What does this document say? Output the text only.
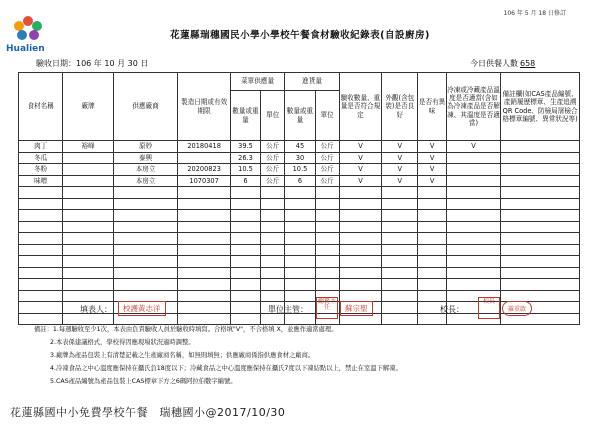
Hualien
106 年 5 月 18 日修訂
花蓮縣瑞穗國民小學小學校午餐食材驗收紀錄表(自設廚房)
驗收日期：106 年 10 月 30 日	今日供餐人數 658
食材名稱	廠牌	供應廠商	製造日期或有效期限	菜單供應量		進貨量		驗收數量、重量是否符合規定	外觀(含包裝)是否良好	是否有異味	冷凍或冷藏產品溫度是否適當(含如為冷凍產品是否解凍、其溫度是否適當)	備註欄(如CAS產品編號、產銷履歷標章、生產追溯QR Code、防檢局屠檢合格標章編號、異常狀況等)
				數量或重量	單位	數量或重量	單位					
肉丁	裕峰	原妙	20180418	39.5	公斤	45	公斤	V	V	V	V	
冬瓜		泰興		26.3	公斤	30	公斤	V	V	V		
冬粉		本房立	20200823	10.5	公斤	10.5	公斤	V	V	V		
味噌		本房立	1070307	6	公斤	6	公斤	V	V	V		

填表人：	校護黃志洋	單位主管：
總務主任	蘇宗聖	校長：
校長
羅重啟
備註：1.每週驗收至少1次，本表由負責驗收人員於驗收時填寫。合格填"V"，不合格填 X，並應作適當處理。
2.本表係建議格式，學校得因應現場狀況適時調整。
3.廠牌為產品包裝上有清楚記載之生產廠商名稱，如無則填無；供應廠商係指供應食材之廠商。
4.冷凍食品之中心溫度應保持在攝氏負18度以下；冷藏食品之中心溫度應保持在攝氏7度以下凍結點以上，禁止在室溫下解凍。
5.CAS產品編號為產品包裝上CAS標章下方之6碼阿拉伯數字編號。
花蓮縣國中小免費學校午餐　瑞穗國小@2017/10/30
